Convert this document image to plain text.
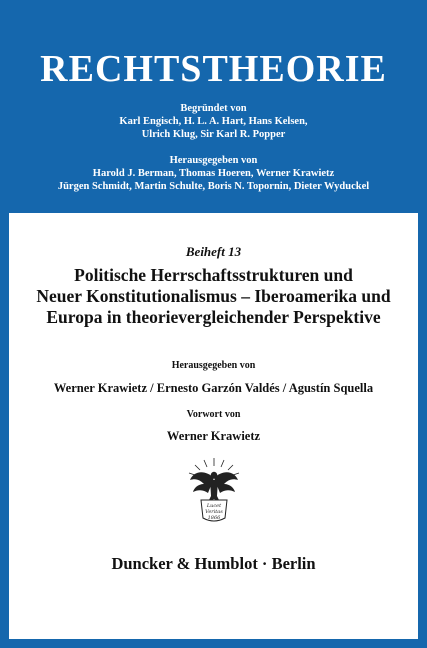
RECHTSTHEORIE
Begründet von
Karl Engisch, H. L. A. Hart, Hans Kelsen,
Ulrich Klug, Sir Karl R. Popper
Herausgegeben von
Harold J. Berman, Thomas Hoeren, Werner Krawietz
Jürgen Schmidt, Martin Schulte, Boris N. Topornin, Dieter Wyduckel
Beiheft 13
Politische Herrschaftsstrukturen und
Neuer Konstitutionalismus – Iberoamerika und
Europa in theorievergleichender Perspektive
Herausgegeben von
Werner Krawietz / Ernesto Garzón Valdés / Agustín Squella
Vorwort von
Werner Krawietz
Lucet
Veritas
1866
Duncker & Humblot · Berlin
